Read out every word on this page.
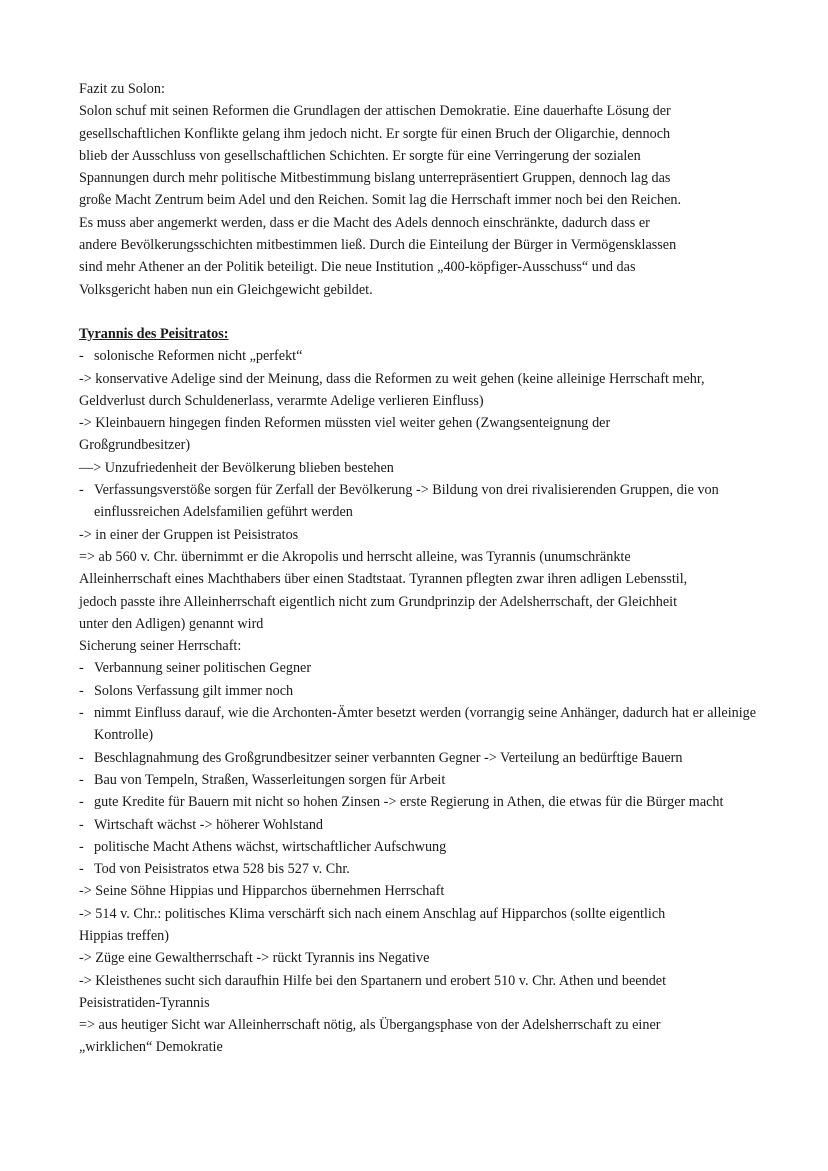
Fazit zu Solon:

Solon schuf mit seinen Reformen die Grundlagen der attischen Demokratie. Eine dauerhafte Lösung der
gesellschaftlichen Konflikte gelang ihm jedoch nicht. Er sorgte für einen Bruch der Oligarchie, dennoch
blieb der Ausschluss von gesellschaftlichen Schichten. Er sorgte für eine Verringerung der sozialen
Spannungen durch mehr politische Mitbestimmung bislang unterrepräsentiert Gruppen, dennoch lag das
große Macht Zentrum beim Adel und den Reichen. Somit lag die Herrschaft immer noch bei den Reichen.
Es muss aber angemerkt werden, dass er die Macht des Adels dennoch einschränkte, dadurch dass er
andere Bevölkerungsschichten mitbestimmen ließ. Durch die Einteilung der Bürger in Vermögensklassen
sind mehr Athener an der Politik beteiligt. Die neue Institution „400-köpfiger-Ausschuss“ und das
Volksgericht haben nun ein Gleichgewicht gebildet.

Tyrannis des Peisitratos:

- solonische Reformen nicht „perfekt“
-> konservative Adelige sind der Meinung, dass die Reformen zu weit gehen (keine alleinige Herrschaft mehr,
Geldverlust durch Schuldenerlass, verarmte Adelige verlieren Einfluss)
-> Kleinbauern hingegen finden Reformen müssten viel weiter gehen (Zwangsenteignung der
Großgrundbesitzer)
—> Unzufriedenheit der Bevölkerung blieben bestehen
- Verfassungsverstöße sorgen für Zerfall der Bevölkerung -> Bildung von drei rivalisierenden Gruppen, die von einflussreichen Adelsfamilien geführt werden
-> in einer der Gruppen ist Peisistratos
=> ab 560 v. Chr. übernimmt er die Akropolis und herrscht alleine, was Tyrannis (unumschränkte
Alleinherrschaft eines Machthabers über einen Stadtstaat. Tyrannen pflegten zwar ihren adligen Lebensstil,
jedoch passte ihre Alleinherrschaft eigentlich nicht zum Grundprinzip der Adelsherrschaft, der Gleichheit
unter den Adligen) genannt wird
Sicherung seiner Herrschaft:
- Verbannung seiner politischen Gegner
- Solons Verfassung gilt immer noch
- nimmt Einfluss darauf, wie die Archonten-Ämter besetzt werden (vorrangig seine Anhänger, dadurch hat er alleinige Kontrolle)
- Beschlagnahmung des Großgrundbesitzer seiner verbannten Gegner -> Verteilung an bedürftige Bauern
- Bau von Tempeln, Straßen, Wasserleitungen sorgen für Arbeit
- gute Kredite für Bauern mit nicht so hohen Zinsen -> erste Regierung in Athen, die etwas für die Bürger macht
- Wirtschaft wächst -> höherer Wohlstand
- politische Macht Athens wächst, wirtschaftlicher Aufschwung
- Tod von Peisistratos etwa 528 bis 527 v. Chr.
-> Seine Söhne Hippias und Hipparchos übernehmen Herrschaft
-> 514 v. Chr.: politisches Klima verschärft sich nach einem Anschlag auf Hipparchos (sollte eigentlich
Hippias treffen)
-> Züge eine Gewaltherrschaft -> rückt Tyrannis ins Negative
-> Kleisthenes sucht sich daraufhin Hilfe bei den Spartanern und erobert 510 v. Chr. Athen und beendet
Peisistratiden-Tyrannis
=> aus heutiger Sicht war Alleinherrschaft nötig, als Übergangsphase von der Adelsherrschaft zu einer
„wirklichen“ Demokratie
